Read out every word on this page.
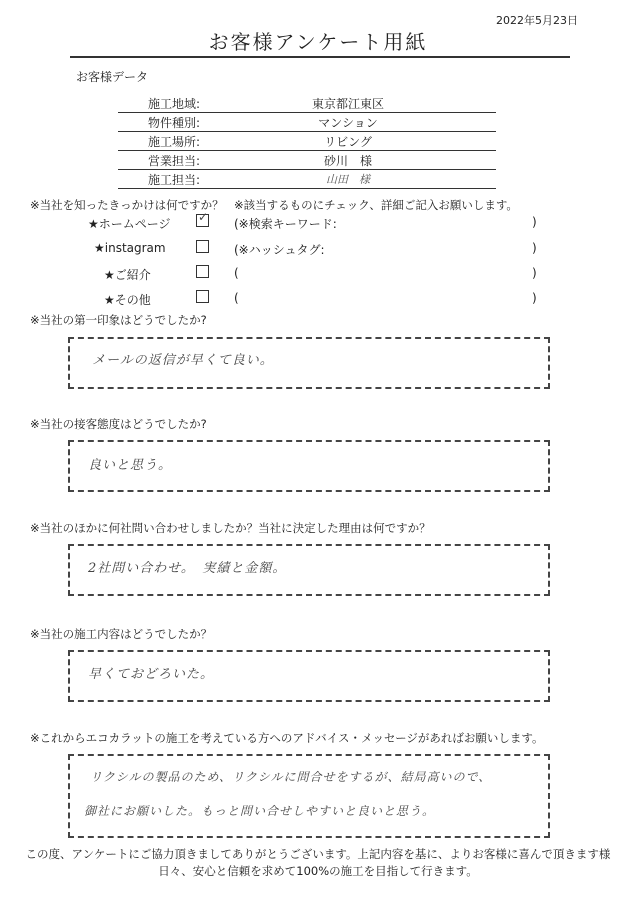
2022年5月23日
お客様アンケート用紙
お客様データ
施工地域:	東京都江東区
物件種別:	マンション
施工場所:	リビング
営業担当:	砂川　様
施工担当:	山田　様
※当社を知ったきっかけは何ですか？ ※該当するものにチェック、詳細ご記入お願いします。
★ホームページ ✓ (※検索キーワード:	)
★instagram	(※ハッシュタグ:	)
★ご紹介	(	)
★その他	(	)
※当社の第一印象はどうでしたか?
メールの返信が早くて良い。
※当社の接客態度はどうでしたか?
良いと思う。
※当社のほかに何社問い合わせしましたか？当社に決定した理由は何ですか？
2社問い合わせ。　実績と金額。
※当社の施工内容はどうでしたか？
早くておどろいた。
※これからエコカラットの施工を考えている方へのアドバイス・メッセージがあればお願いします。
リクシルの製品のため、リクシルに問合せをするが、結局高いので、
御社にお願いした。もっと問い合せしやすいと良いと思う。
この度、アンケートにご協力頂きましてありがとうございます。上記内容を基に、よりお客様に喜んで頂きます様
日々、安心と信頼を求めて100%の施工を目指して行きます。
